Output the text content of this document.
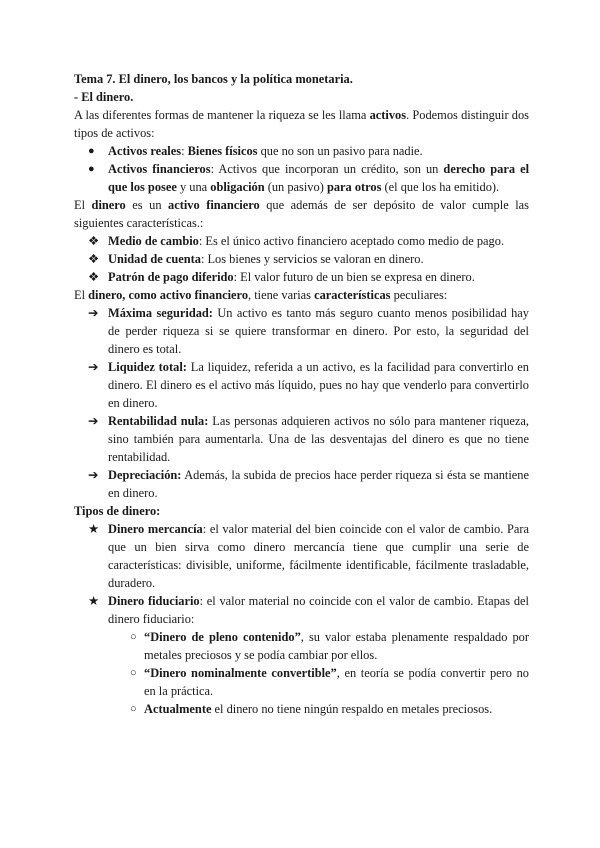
Tema 7. El dinero, los bancos y la política monetaria.

- El dinero.

A las diferentes formas de mantener la riqueza se les llama activos. Podemos distinguir dos tipos de activos:

● Activos reales: Bienes físicos que no son un pasivo para nadie.
● Activos financieros: Activos que incorporan un crédito, son un derecho para el que los posee y una obligación (un pasivo) para otros (el que los ha emitido).

El dinero es un activo financiero que además de ser depósito de valor cumple las siguientes características.:

❖ Medio de cambio: Es el único activo financiero aceptado como medio de pago.
❖ Unidad de cuenta: Los bienes y servicios se valoran en dinero.
❖ Patrón de pago diferido: El valor futuro de un bien se expresa en dinero.

El dinero, como activo financiero, tiene varias características peculiares:

➔ Máxima seguridad: Un activo es tanto más seguro cuanto menos posibilidad hay de perder riqueza si se quiere transformar en dinero. Por esto, la seguridad del dinero es total.
➔ Liquidez total: La liquidez, referida a un activo, es la facilidad para convertirlo en dinero. El dinero es el activo más líquido, pues no hay que venderlo para convertirlo en dinero.
➔ Rentabilidad nula: Las personas adquieren activos no sólo para mantener riqueza, sino también para aumentarla. Una de las desventajas del dinero es que no tiene rentabilidad.
➔ Depreciación: Además, la subida de precios hace perder riqueza si ésta se mantiene en dinero.

Tipos de dinero:

★ Dinero mercancía: el valor material del bien coincide con el valor de cambio. Para que un bien sirva como dinero mercancía tiene que cumplir una serie de características: divisible, uniforme, fácilmente identificable, fácilmente trasladable, duradero.
★ Dinero fiduciario: el valor material no coincide con el valor de cambio. Etapas del dinero fiduciario:
○ “Dinero de pleno contenido”, su valor estaba plenamente respaldado por metales preciosos y se podía cambiar por ellos.
○ “Dinero nominalmente convertible”, en teoría se podía convertir pero no en la práctica.
○ Actualmente el dinero no tiene ningún respaldo en metales preciosos.
